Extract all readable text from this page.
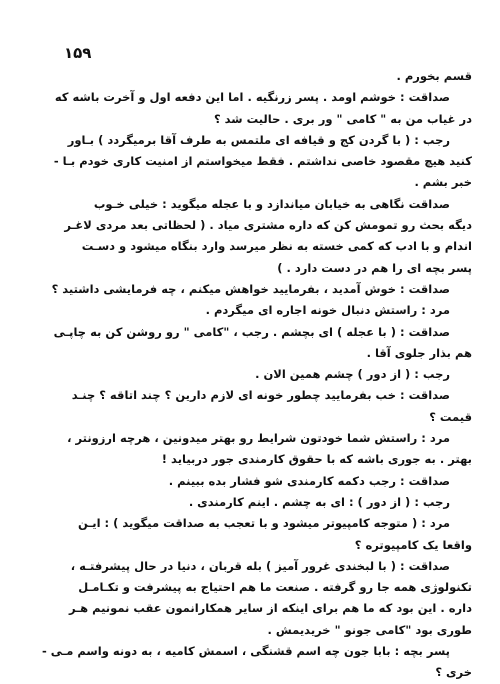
۱۵۹
قسم بخورم .
صداقت : خوشم اومد . پسر زرنگیه . اما این دفعه اول و آخرت باشه که
در غیاب من به " کامی " ور بری . حالیت شد ؟
رجب : ( با گردن کج و قیافه ای ملتمس به طرف آقا برمیگردد ) بـاور
کنید هیچ مقصود خاصی نداشتم . فقط میخواستم از امنیت کاری خودم بـا -
خبر بشم .
صداقت نگاهی به خیابان میاندازد و با عجله میگوید : خیلی خـوب
دیگه بحث رو تمومش کن که داره مشتری میاد . ( لحظاتی بعد مردی لاغـر
اندام و با ادب که کمی خسته به نظر میرسد وارد بنگاه میشود و دسـت
پسر بچه ای را هم در دست دارد . )
صداقت : خوش آمدید ، بفرمایید خواهش میکنم ، چه فرمایشی داشتید ؟
مرد : راستش دنبال خونه اجاره ای میگردم .
صداقت : ( با عجله ) ای بچشم . رجب ، "کامی " رو روشن کن به چاپـی
هم بذار جلوی آقا .
رجب : ( از دور ) چشم همین الان .
صداقت : خب بفرمایید چطور خونه ای لازم دارین ؟ چند اتاقه ؟ چنـد
قیمت ؟
مرد : راستش شما خودتون شرایط رو بهتر میدونین ، هرچه ارزونتر ،
بهتر . به جوری باشه که با حقوق کارمندی جور دربیاید !
صداقت : رجب دکمه کارمندی شو فشار بده ببینم .
رجب : ( از دور ) : ای به چشم . اینم کارمندی .
مرد : ( متوجه کامپیوتر میشود و با تعجب به صداقت میگوید ) : ایـن
واقعا یک کامپیوتره ؟
صداقت : ( با لبخندی غرور آمیز ) بله قربان ، دنیا در حال پیشرفتـه ،
تکنولوژی همه جا رو گرفته . صنعت ما هم احتیاج به پیشرفت و تکـامـل
داره . این بود که ما هم برای اینکه از سایر همکارانمون عقب نمونیم هـر
طوری بود "کامی جونو " خریدیمش .
پسر بچه : بابا جون چه اسم قشنگی ، اسمش کامیه ، به دونه واسم مـی -
خری ؟
